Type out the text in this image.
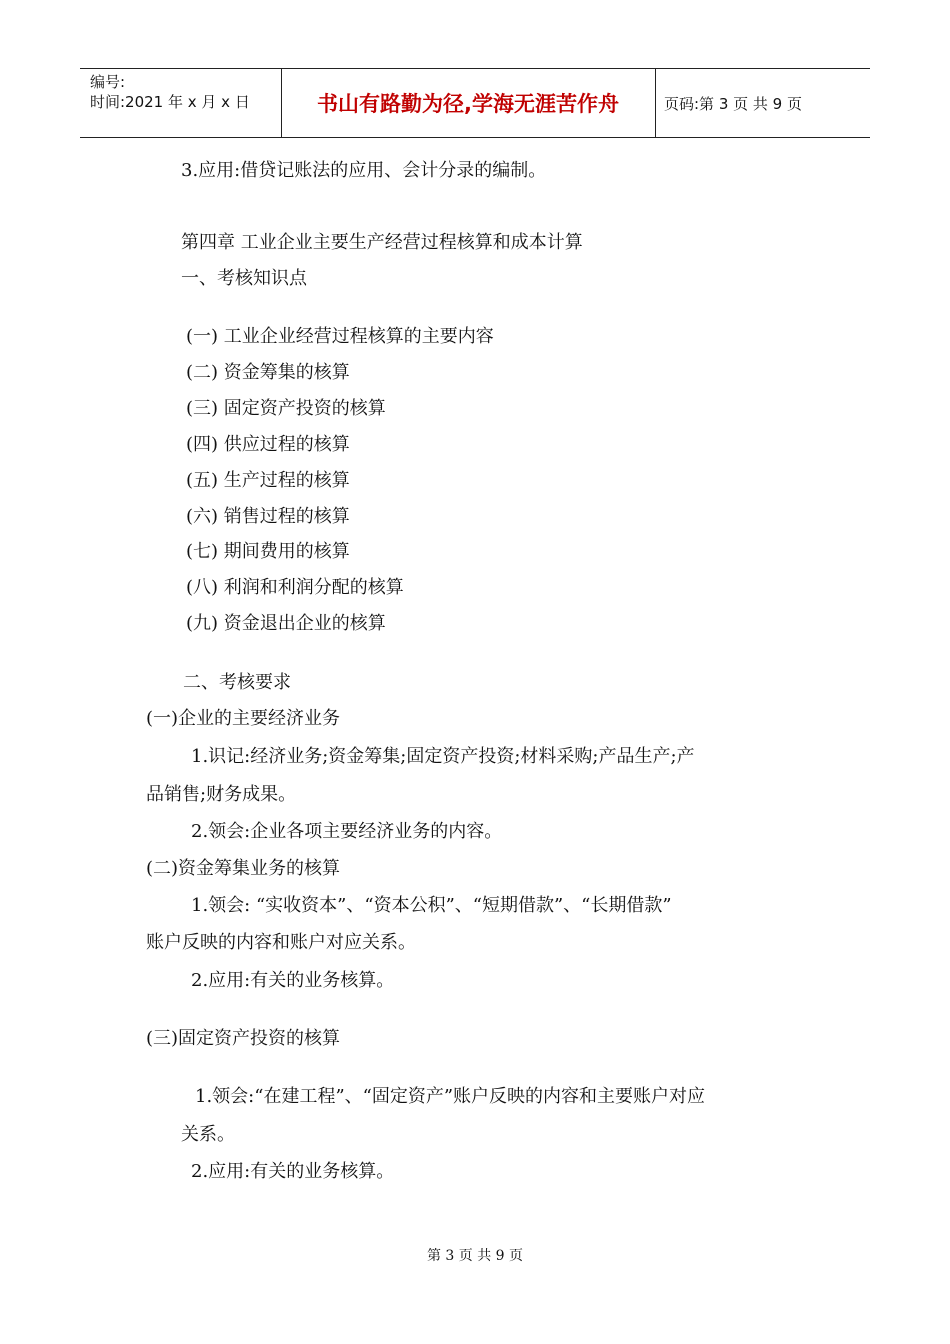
编号:
时间:2021 年 x 月 x 日	书山有路勤为径,学海无涯苦作舟	页码:第 3 页 共 9 页
3.应用:借贷记账法的应用、会计分录的编制。
第四章 工业企业主要生产经营过程核算和成本计算
一、考核知识点
(一) 工业企业经营过程核算的主要内容
(二) 资金筹集的核算
(三) 固定资产投资的核算
(四) 供应过程的核算
(五) 生产过程的核算
(六) 销售过程的核算
(七) 期间费用的核算
(八) 利润和利润分配的核算
(九) 资金退出企业的核算
二、考核要求
(一)企业的主要经济业务
1.识记:经济业务;资金筹集;固定资产投资;材料采购;产品生产;产
品销售;财务成果。
2.领会:企业各项主要经济业务的内容。
(二)资金筹集业务的核算
1.领会: “实收资本”、“资本公积”、“短期借款”、“长期借款”
账户反映的内容和账户对应关系。
2.应用:有关的业务核算。
(三)固定资产投资的核算
1.领会:“在建工程”、“固定资产”账户反映的内容和主要账户对应
关系。
2.应用:有关的业务核算。
第 3 页 共 9 页
